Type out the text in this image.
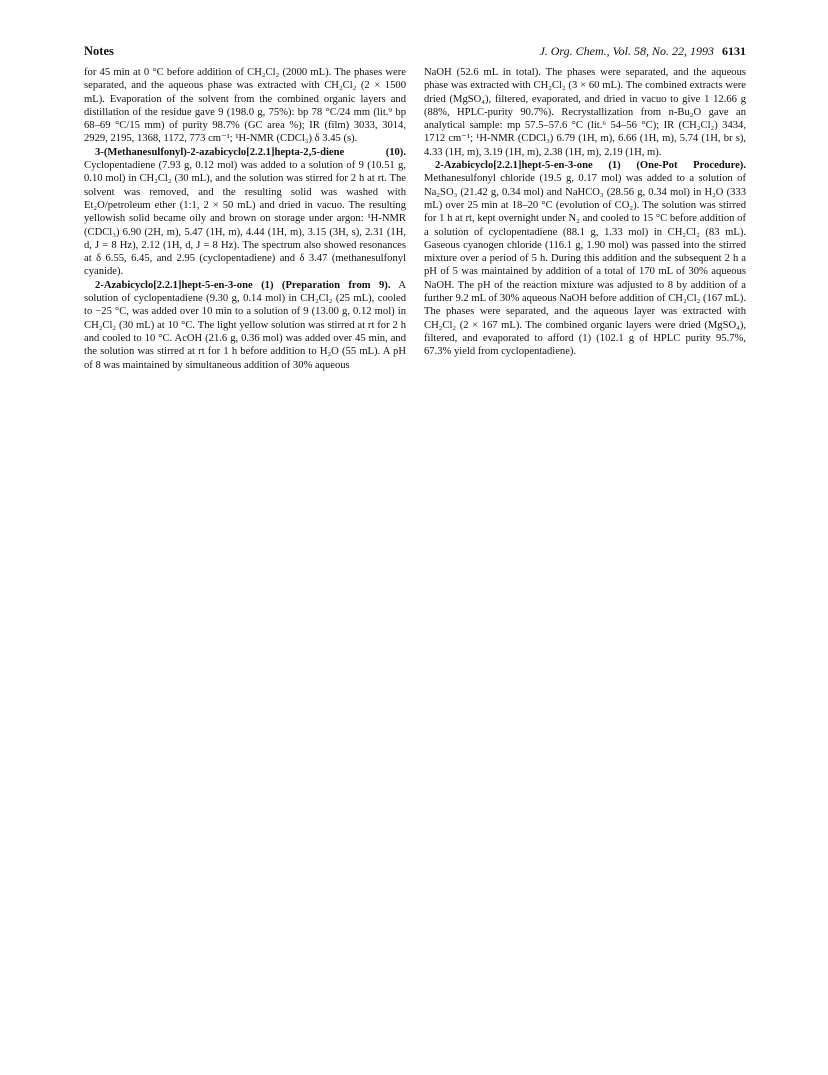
Notes	J. Org. Chem., Vol. 58, No. 22, 1993 6131

for 45 min at 0 °C before addition of CH₂Cl₂ (2000 mL). The phases were separated, and the aqueous phase was extracted with CH₂Cl₂ (2 × 1500 mL). Evaporation of the solvent from the combined organic layers and distillation of the residue gave 9 (198.0 g, 75%): bp 78 °C/24 mm (lit.⁹ bp 68–69 °C/15 mm) of purity 98.7% (GC area %); IR (film) 3033, 3014, 2929, 2195, 1368, 1172, 773 cm⁻¹; ¹H-NMR (CDCl₃) δ 3.45 (s).

3-(Methanesulfonyl)-2-azabicyclo[2.2.1]hepta-2,5-diene (10). Cyclopentadiene (7.93 g, 0.12 mol) was added to a solution of 9 (10.51 g, 0.10 mol) in CH₂Cl₂ (30 mL), and the solution was stirred for 2 h at rt. The solvent was removed, and the resulting solid was washed with Et₂O/petroleum ether (1:1, 2 × 50 mL) and dried in vacuo. The resulting yellowish solid became oily and brown on storage under argon: ¹H-NMR (CDCl₃) 6.90 (2H, m), 5.47 (1H, m), 4.44 (1H, m), 3.15 (3H, s), 2.31 (1H, d, J = 8 Hz), 2.12 (1H, d, J = 8 Hz). The spectrum also showed resonances at δ 6.55, 6.45, and 2.95 (cyclopentadiene) and δ 3.47 (methanesulfonyl cyanide).

2-Azabicyclo[2.2.1]hept-5-en-3-one (1) (Preparation from 9). A solution of cyclopentadiene (9.30 g, 0.14 mol) in CH₂Cl₂ (25 mL), cooled to −25 °C, was added over 10 min to a solution of 9 (13.00 g, 0.12 mol) in CH₂Cl₂ (30 mL) at 10 °C. The light yellow solution was stirred at rt for 2 h and cooled to 10 °C. AcOH (21.6 g, 0.36 mol) was added over 45 min, and the solution was stirred at rt for 1 h before addition to H₂O (55 mL). A pH of 8 was maintained by simultaneous addition of 30% aqueous

NaOH (52.6 mL in total). The phases were separated, and the aqueous phase was extracted with CH₂Cl₂ (3 × 60 mL). The combined extracts were dried (MgSO₄), filtered, evaporated, and dried in vacuo to give 1 12.66 g (88%, HPLC-purity 90.7%). Recrystallization from n-Bu₂O gave an analytical sample: mp 57.5–57.6 °C (lit.⁶ 54–56 °C); IR (CH₂Cl₂) 3434, 1712 cm⁻¹; ¹H-NMR (CDCl₃) 6.79 (1H, m), 6.66 (1H, m), 5.74 (1H, br s), 4.33 (1H, m), 3.19 (1H, m), 2.38 (1H, m), 2.19 (1H, m).

2-Azabicyclo[2.2.1]hept-5-en-3-one (1) (One-Pot Procedure). Methanesulfonyl chloride (19.5 g, 0.17 mol) was added to a solution of Na₂SO₃ (21.42 g, 0.34 mol) and NaHCO₃ (28.56 g, 0.34 mol) in H₂O (333 mL) over 25 min at 18–20 °C (evolution of CO₂). The solution was stirred for 1 h at rt, kept overnight under N₂ and cooled to 15 °C before addition of a solution of cyclopentadiene (88.1 g, 1.33 mol) in CH₂Cl₂ (83 mL). Gaseous cyanogen chloride (116.1 g, 1.90 mol) was passed into the stirred mixture over a period of 5 h. During this addition and the subsequent 2 h a pH of 5 was maintained by addition of a total of 170 mL of 30% aqueous NaOH. The pH of the reaction mixture was adjusted to 8 by addition of a further 9.2 mL of 30% aqueous NaOH before addition of CH₂Cl₂ (167 mL). The phases were separated, and the aqueous layer was extracted with CH₂Cl₂ (2 × 167 mL). The combined organic layers were dried (MgSO₄), filtered, and evaporated to afford (1) (102.1 g of HPLC purity 95.7%, 67.3% yield from cyclopentadiene).
